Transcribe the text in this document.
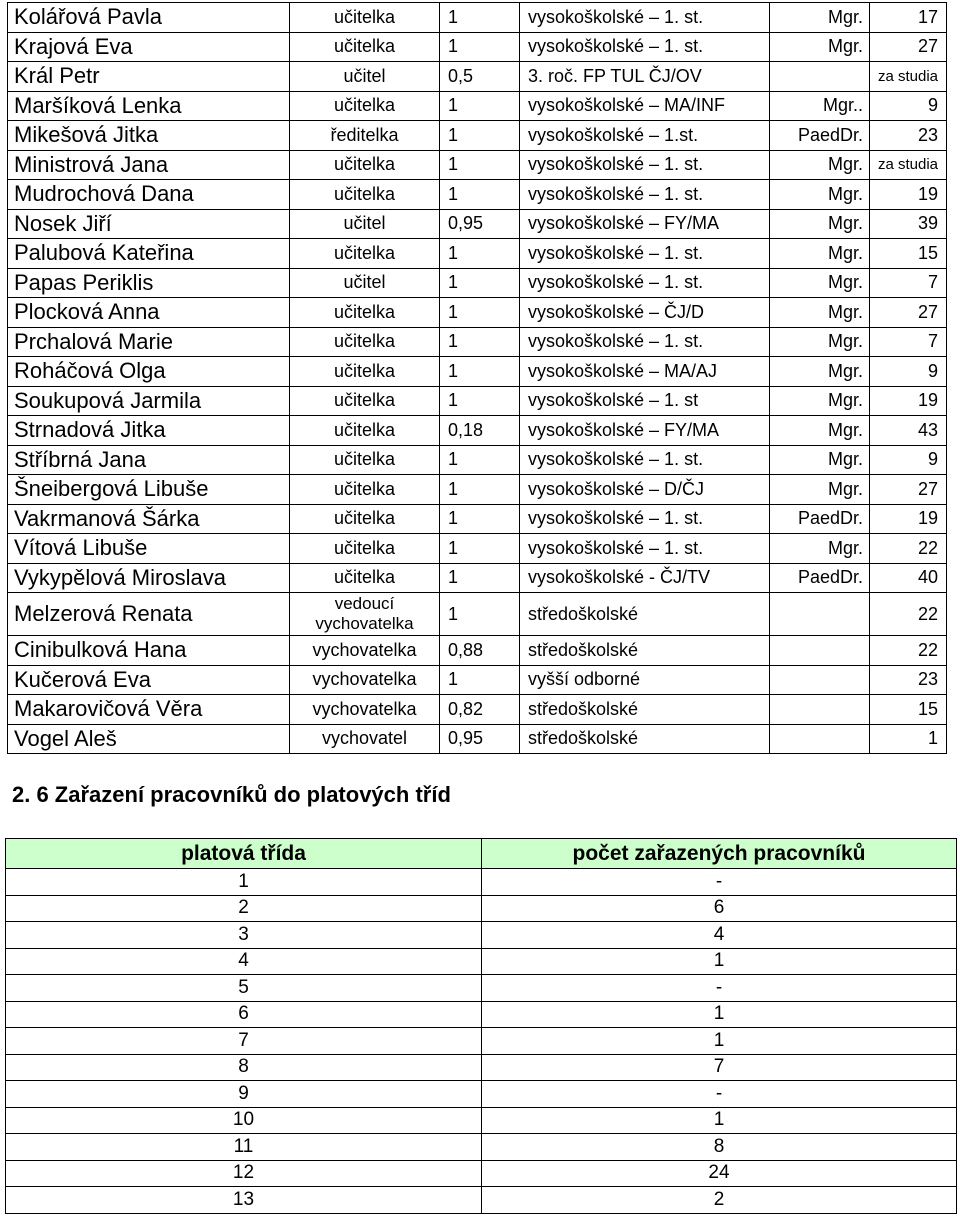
Kolářová Pavla	učitelka	1	vysokoškolské – 1. st.	Mgr.	17
Krajová Eva	učitelka	1	vysokoškolské – 1. st.	Mgr.	27
Král Petr	učitel	0,5	3. roč. FP TUL ČJ/OV		za studia
Maršíková Lenka	učitelka	1	vysokoškolské – MA/INF	Mgr..	9
Mikešová Jitka	ředitelka	1	vysokoškolské – 1.st.	PaedDr.	23
Ministrová Jana	učitelka	1	vysokoškolské – 1. st.	Mgr.	za studia
Mudrochová Dana	učitelka	1	vysokoškolské – 1. st.	Mgr.	19
Nosek Jiří	učitel	0,95	vysokoškolské – FY/MA	Mgr.	39
Palubová Kateřina	učitelka	1	vysokoškolské – 1. st.	Mgr.	15
Papas Periklis	učitel	1	vysokoškolské – 1. st.	Mgr.	7
Plocková Anna	učitelka	1	vysokoškolské – ČJ/D	Mgr.	27
Prchalová Marie	učitelka	1	vysokoškolské – 1. st.	Mgr.	7
Roháčová Olga	učitelka	1	vysokoškolské – MA/AJ	Mgr.	9
Soukupová Jarmila	učitelka	1	vysokoškolské – 1. st	Mgr.	19
Strnadová Jitka	učitelka	0,18	vysokoškolské – FY/MA	Mgr.	43
Stříbrná Jana	učitelka	1	vysokoškolské – 1. st.	Mgr.	9
Šneibergová Libuše	učitelka	1	vysokoškolské – D/ČJ	Mgr.	27
Vakrmanová Šárka	učitelka	1	vysokoškolské – 1. st.	PaedDr.	19
Vítová Libuše	učitelka	1	vysokoškolské – 1. st.	Mgr.	22
Vykypělová Miroslava	učitelka	1	vysokoškolské - ČJ/TV	PaedDr.	40
Melzerová Renata	vedoucí vychovatelka	1	středoškolské		22
Cinibulková Hana	vychovatelka	0,88	středoškolské		22
Kučerová Eva	vychovatelka	1	vyšší odborné		23
Makarovičová Věra	vychovatelka	0,82	středoškolské		15
Vogel Aleš	vychovatel	0,95	středoškolské		1
2. 6 Zařazení pracovníků do platových tříd
platová třída	počet zařazených pracovníků
1	-
2	6
3	4
4	1
5	-
6	1
7	1
8	7
9	-
10	1
11	8
12	24
13	2
